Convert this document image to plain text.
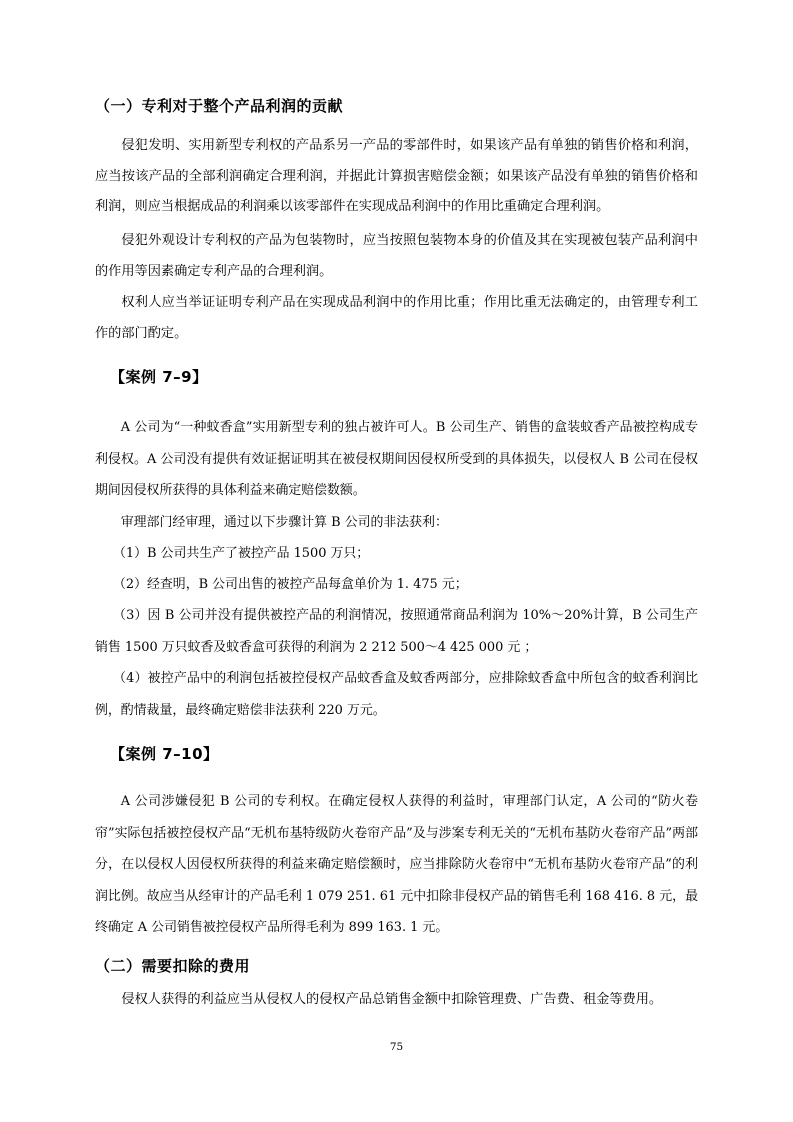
（一）专利对于整个产品利润的贡献

侵犯发明、实用新型专利权的产品系另一产品的零部件时，如果该产品有单独的销售价格和利润，应当按该产品的全部利润确定合理利润，并据此计算损害赔偿金额；如果该产品没有单独的销售价格和利润，则应当根据成品的利润乘以该零部件在实现成品利润中的作用比重确定合理利润。

侵犯外观设计专利权的产品为包装物时，应当按照包装物本身的价值及其在实现被包装产品利润中的作用等因素确定专利产品的合理利润。

权利人应当举证证明专利产品在实现成品利润中的作用比重；作用比重无法确定的，由管理专利工作的部门酌定。

【案例 7–9】

A 公司为“一种蚊香盒”实用新型专利的独占被许可人。B 公司生产、销售的盒装蚊香产品被控构成专利侵权。A 公司没有提供有效证据证明其在被侵权期间因侵权所受到的具体损失，以侵权人 B 公司在侵权期间因侵权所获得的具体利益来确定赔偿数额。

审理部门经审理，通过以下步骤计算 B 公司的非法获利：

（1）B 公司共生产了被控产品 1500 万只；

（2）经查明，B 公司出售的被控产品每盒单价为 1. 475 元；

（3）因 B 公司并没有提供被控产品的利润情况，按照通常商品利润为 10%～20%计算，B 公司生产销售 1500 万只蚊香及蚊香盒可获得的利润为 2 212 500～4 425 000 元 ；

（4）被控产品中的利润包括被控侵权产品蚊香盒及蚊香两部分，应排除蚊香盒中所包含的蚊香利润比例，酌情裁量，最终确定赔偿非法获利 220 万元。

【案例 7–10】

A 公司涉嫌侵犯 B 公司的专利权。在确定侵权人获得的利益时，审理部门认定，A 公司的“防火卷帘”实际包括被控侵权产品“无机布基特级防火卷帘产品”及与涉案专利无关的“无机布基防火卷帘产品”两部分，在以侵权人因侵权所获得的利益来确定赔偿额时，应当排除防火卷帘中“无机布基防火卷帘产品”的利润比例。故应当从经审计的产品毛利 1 079 251. 61 元中扣除非侵权产品的销售毛利 168 416. 8 元，最终确定 A 公司销售被控侵权产品所得毛利为 899 163. 1 元。

（二）需要扣除的费用

侵权人获得的利益应当从侵权人的侵权产品总销售金额中扣除管理费、广告费、租金等费用。

75
